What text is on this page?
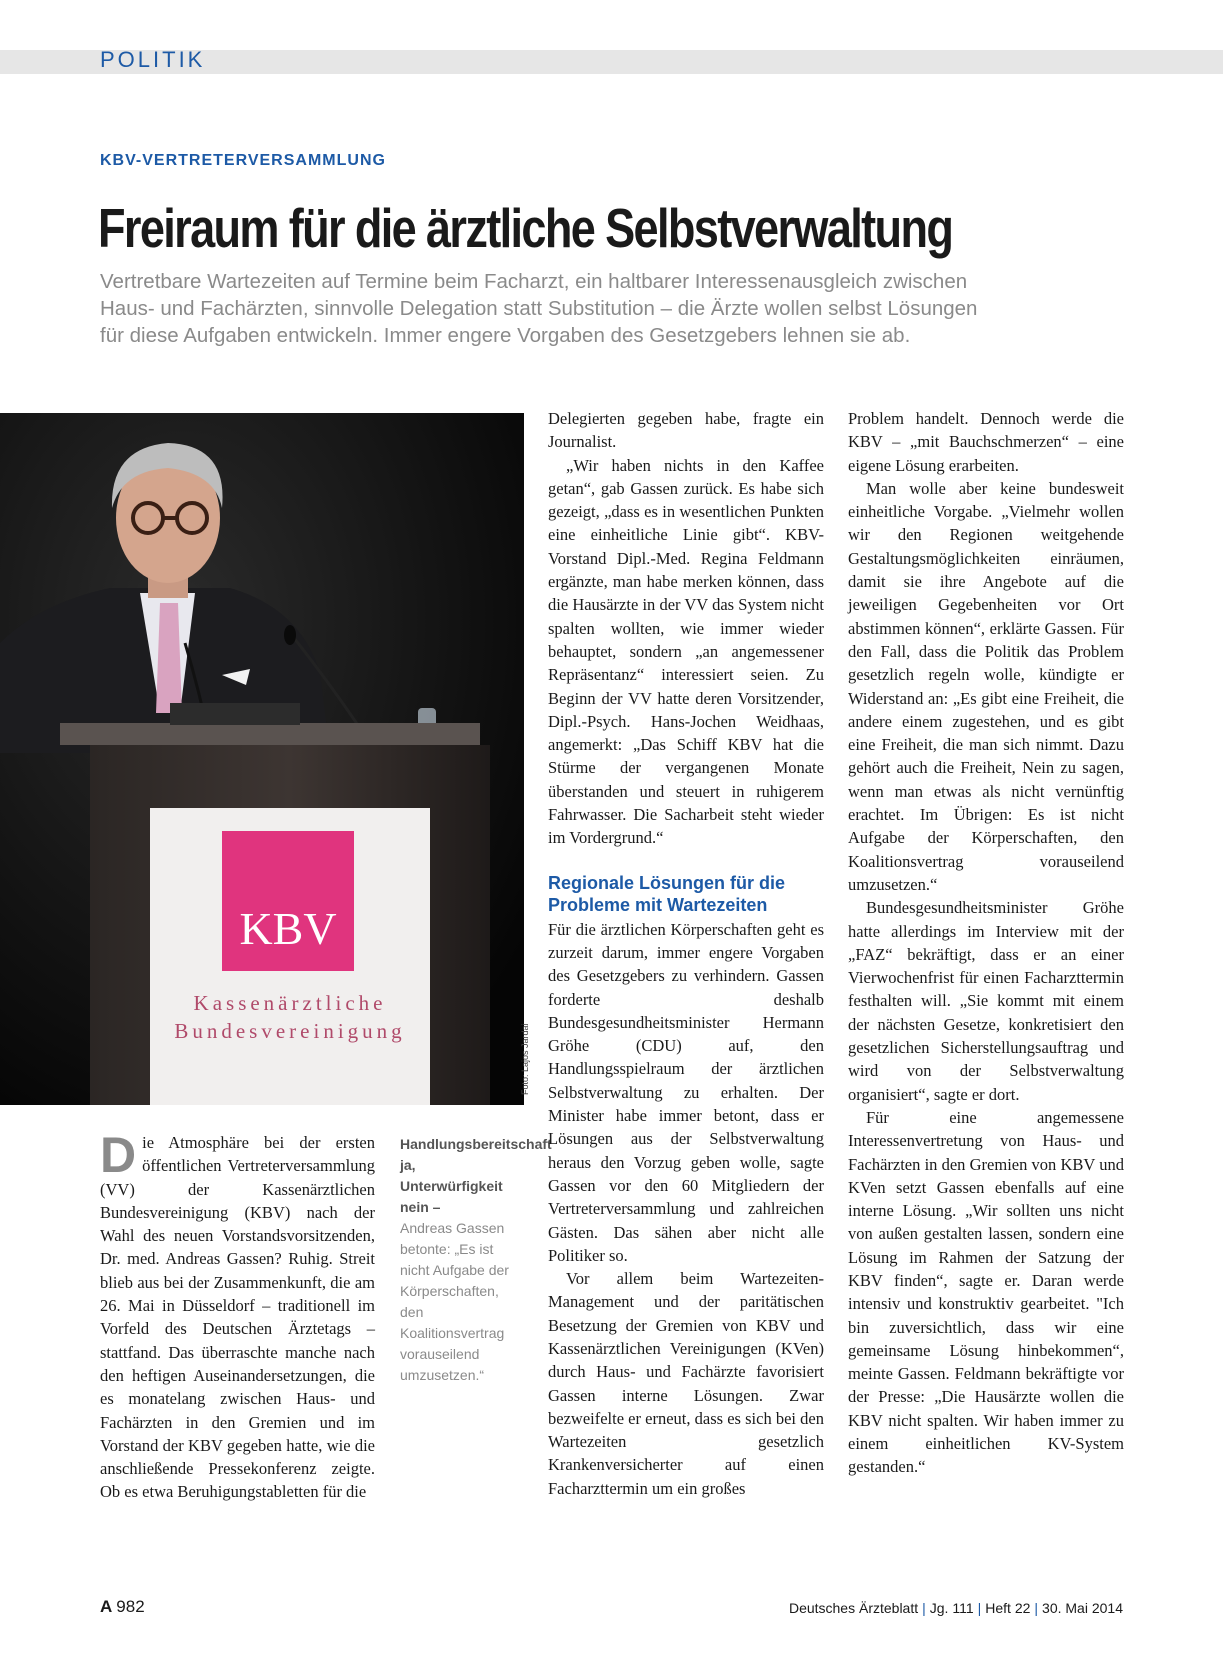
POLITIK
KBV-VERTRETERVERSAMMLUNG
Freiraum für die ärztliche Selbstverwaltung

Vertretbare Wartezeiten auf Termine beim Facharzt, ein haltbarer Interessenausgleich zwischen

Haus- und Fachärzten, sinnvolle Delegation statt Substitution – die Ärzte wollen selbst Lösungen

für diese Aufgaben entwickeln. Immer engere Vorgaben des Gesetzgebers lehnen sie ab.

KBV
Kassenärztliche
Bundesvereinigung	Foto: Lajos Jardai

Die Atmosphäre bei der ersten öffentlichen Vertreterversammlung (VV) der Kassenärztlichen Bundesvereinigung (KBV) nach der Wahl des neuen Vorstandsvorsitzenden, Dr. med. Andreas Gassen? Ruhig. Streit blieb aus bei der Zusammenkunft, die am 26. Mai in Düsseldorf – traditionell im Vorfeld des Deutschen Ärztetags – stattfand. Das überraschte manche nach den heftigen Auseinandersetzungen, die es monatelang zwischen Haus- und Fachärzten in den Gremien und im Vorstand der KBV gegeben hatte, wie die anschließende Pressekonferenz zeigte. Ob es etwa Beruhigungstabletten für die

Handlungsbereitschaft ja, Unterwürfigkeit nein –
Andreas Gassen betonte: „Es ist nicht Aufgabe der Körperschaften, den Koalitionsvertrag vorauseilend umzusetzen.“

Delegierten gegeben habe, fragte ein Journalist.

„Wir haben nichts in den Kaffee getan“, gab Gassen zurück. Es habe sich gezeigt, „dass es in wesentlichen Punkten eine einheitliche Linie gibt“. KBV-Vorstand Dipl.-Med. Regina Feldmann ergänzte, man habe merken können, dass die Hausärzte in der VV das System nicht spalten wollten, wie immer wieder behauptet, sondern „an angemessener Repräsentanz“ interessiert seien. Zu Beginn der VV hatte deren Vorsitzender, Dipl.-Psych. Hans-Jochen Weidhaas, angemerkt: „Das Schiff KBV hat die Stürme der vergangenen Monate überstanden und steuert in ruhigerem Fahrwasser. Die Sacharbeit steht wieder im Vordergrund.“

Regionale Lösungen für die Probleme mit Wartezeiten

Für die ärztlichen Körperschaften geht es zurzeit darum, immer engere Vorgaben des Gesetzgebers zu verhindern. Gassen forderte deshalb Bundesgesundheitsminister Hermann Gröhe (CDU) auf, den Handlungsspielraum der ärztlichen Selbstverwaltung zu erhalten. Der Minister habe immer betont, dass er Lösungen aus der Selbstverwaltung heraus den Vorzug geben wolle, sagte Gassen vor den 60 Mitgliedern der Vertreterversammlung und zahlreichen Gästen. Das sähen aber nicht alle Politiker so.

Vor allem beim Wartezeiten-Management und der paritätischen Besetzung der Gremien von KBV und Kassenärztlichen Vereinigungen (KVen) durch Haus- und Fachärzte favorisiert Gassen interne Lösungen. Zwar bezweifelte er erneut, dass es sich bei den Wartezeiten gesetzlich Krankenversicherter auf einen Facharzttermin um ein großes

Problem handelt. Dennoch werde die KBV – „mit Bauchschmerzen“ – eine eigene Lösung erarbeiten.

Man wolle aber keine bundesweit einheitliche Vorgabe. „Vielmehr wollen wir den Regionen weitgehende Gestaltungsmöglichkeiten einräumen, damit sie ihre Angebote auf die jeweiligen Gegebenheiten vor Ort abstimmen können“, erklärte Gassen. Für den Fall, dass die Politik das Problem gesetzlich regeln wolle, kündigte er Widerstand an: „Es gibt eine Freiheit, die andere einem zugestehen, und es gibt eine Freiheit, die man sich nimmt. Dazu gehört auch die Freiheit, Nein zu sagen, wenn man etwas als nicht vernünftig erachtet. Im Übrigen: Es ist nicht Aufgabe der Körperschaften, den Koalitionsvertrag vorauseilend umzusetzen.“

Bundesgesundheitsminister Gröhe hatte allerdings im Interview mit der „FAZ“ bekräftigt, dass er an einer Vierwochenfrist für einen Facharzttermin festhalten will. „Sie kommt mit einem der nächsten Gesetze, konkretisiert den gesetzlichen Sicherstellungsauftrag und wird von der Selbstverwaltung organisiert“, sagte er dort.

Für eine angemessene Interessenvertretung von Haus- und Fachärzten in den Gremien von KBV und KVen setzt Gassen ebenfalls auf eine interne Lösung. „Wir sollten uns nicht von außen gestalten lassen, sondern eine Lösung im Rahmen der Satzung der KBV finden“, sagte er. Daran werde intensiv und konstruktiv gearbeitet. "Ich bin zuversichtlich, dass wir eine gemeinsame Lösung hinbekommen“, meinte Gassen. Feldmann bekräftigte vor der Presse: „Die Hausärzte wollen die KBV nicht spalten. Wir haben immer zu einem einheitlichen KV-System gestanden.“

A 982	Deutsches Ärzteblatt | Jg. 111 | Heft 22 | 30. Mai 2014
